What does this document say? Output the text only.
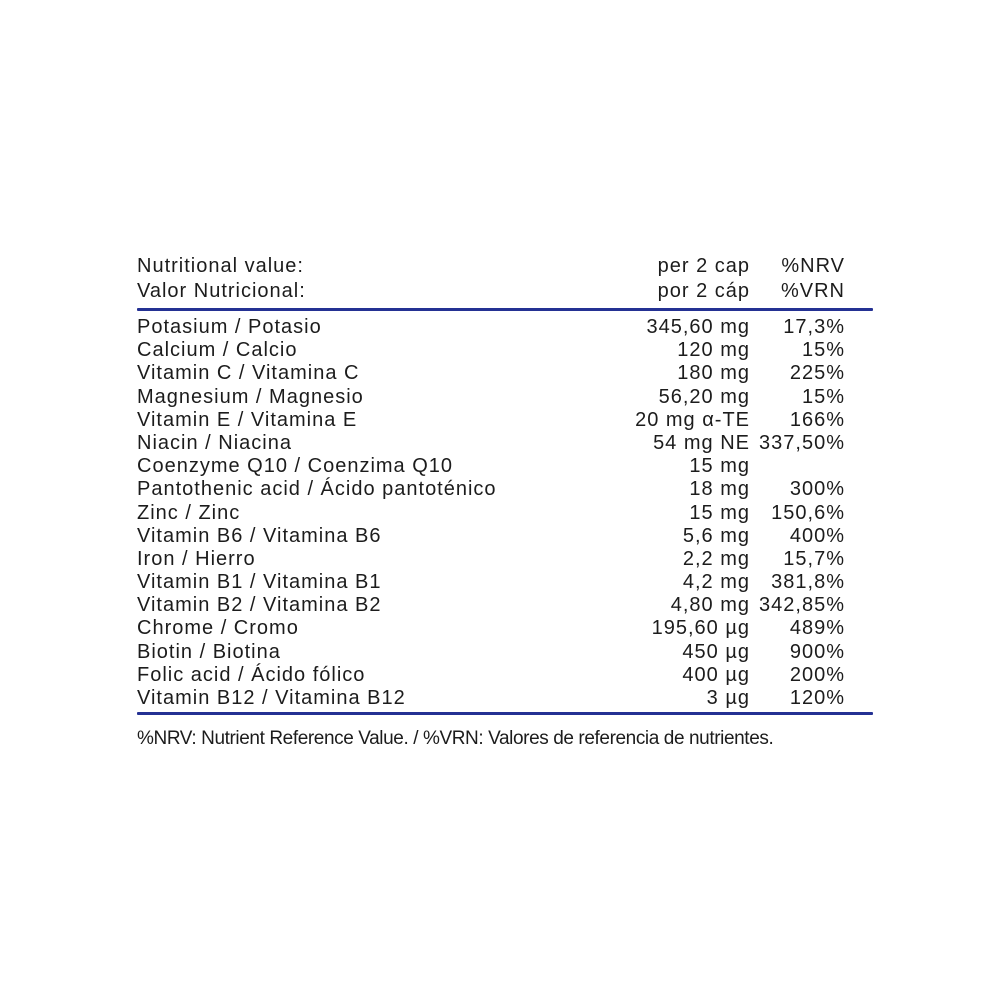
Nutritional value:	per 2 cap	%NRV
Valor Nutricional:	por 2 cáp	%VRN
Potasium / Potasio	345,60 mg	17,3%
Calcium / Calcio	120 mg	15%
Vitamin C / Vitamina C	180 mg	225%
Magnesium / Magnesio	56,20 mg	15%
Vitamin E / Vitamina E	20 mg α-TE	166%
Niacin / Niacina	54 mg NE 337,50%
Coenzyme Q10 / Coenzima Q10	15 mg
Pantothenic acid / Ácido pantoténico	18 mg	300%
Zinc / Zinc	15 mg	150,6%
Vitamin B6 / Vitamina B6	5,6 mg	400%
Iron / Hierro	2,2 mg	15,7%
Vitamin B1 / Vitamina B1	4,2 mg	381,8%
Vitamin B2 / Vitamina B2	4,80 mg 342,85%
Chrome / Cromo	195,60 µg	489%
Biotin / Biotina	450 µg	900%
Folic acid / Ácido fólico	400 µg	200%
Vitamin B12 / Vitamina B12	3 µg	120%
%NRV: Nutrient Reference Value. / %VRN: Valores de referencia de nutrientes.
